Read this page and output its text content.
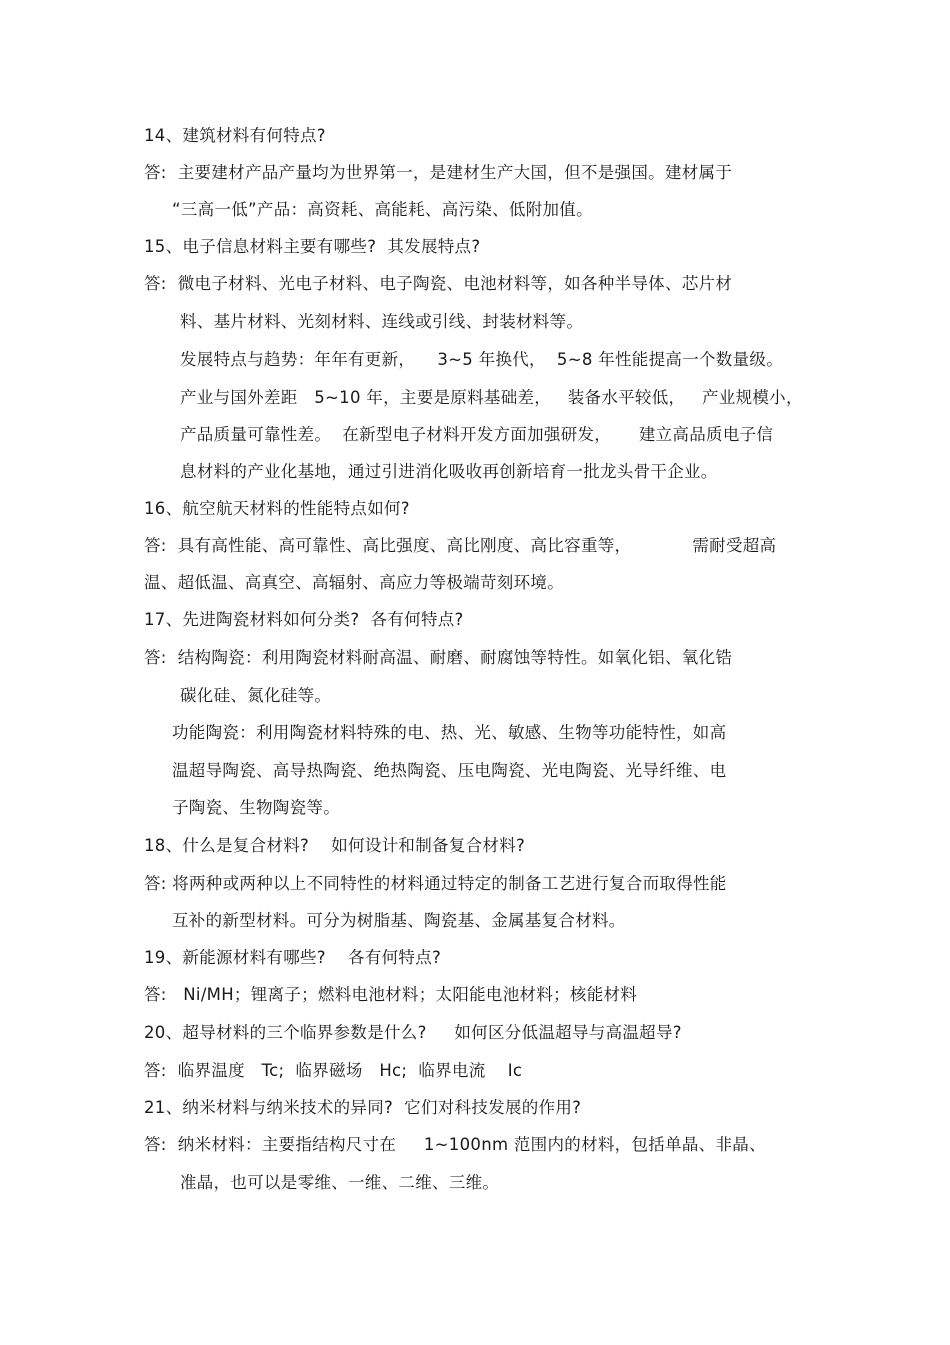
14、建筑材料有何特点?
答:  主要建材产品产量均为世界第一，是建材生产大国，但不是强国。建材属于
“三高一低”产品：高资耗、高能耗、高污染、低附加值。
15、电子信息材料主要有哪些?  其发展特点?
答:  微电子材料、光电子材料、电子陶瓷、电池材料等，如各种半导体、芯片材
料、基片材料、光刻材料、连线或引线、封装材料等。
发展特点与趋势：年年有更新，    3~5 年换代，  5~8 年性能提高一个数量级。
产业与国外差距   5~10 年，主要是原料基础差，   装备水平较低，   产业规模小，
产品质量可靠性差。  在新型电子材料开发方面加强研发，     建立高品质电子信
息材料的产业化基地，通过引进消化吸收再创新培育一批龙头骨干企业。
16、航空航天材料的性能特点如何?
答:  具有高性能、高可靠性、高比强度、高比刚度、高比容重等，           需耐受超高
温、超低温、高真空、高辐射、高应力等极端苛刻环境。
17、先进陶瓷材料如何分类?  各有何特点?
答:  结构陶瓷：利用陶瓷材料耐高温、耐磨、耐腐蚀等特性。如氧化铝、氧化锆
碳化硅、氮化硅等。
功能陶瓷：利用陶瓷材料特殊的电、热、光、敏感、生物等功能特性，如高
温超导陶瓷、高导热陶瓷、绝热陶瓷、压电陶瓷、光电陶瓷、光导纤维、电
子陶瓷、生物陶瓷等。
18、什么是复合材料?    如何设计和制备复合材料?
答: 将两种或两种以上不同特性的材料通过特定的制备工艺进行复合而取得性能
互补的新型材料。可分为树脂基、陶瓷基、金属基复合材料。
19、新能源材料有哪些?    各有何特点?
答:   Ni/MH；锂离子；燃料电池材料；太阳能电池材料；核能材料
20、超导材料的三个临界参数是什么?     如何区分低温超导与高温超导?
答:  临界温度   Tc;  临界磁场   Hc;  临界电流    Ic
21、纳米材料与纳米技术的异同?  它们对科技发展的作用?
答:  纳米材料：主要指结构尺寸在     1~100nm 范围内的材料，包括单晶、非晶、
准晶，也可以是零维、一维、二维、三维。
